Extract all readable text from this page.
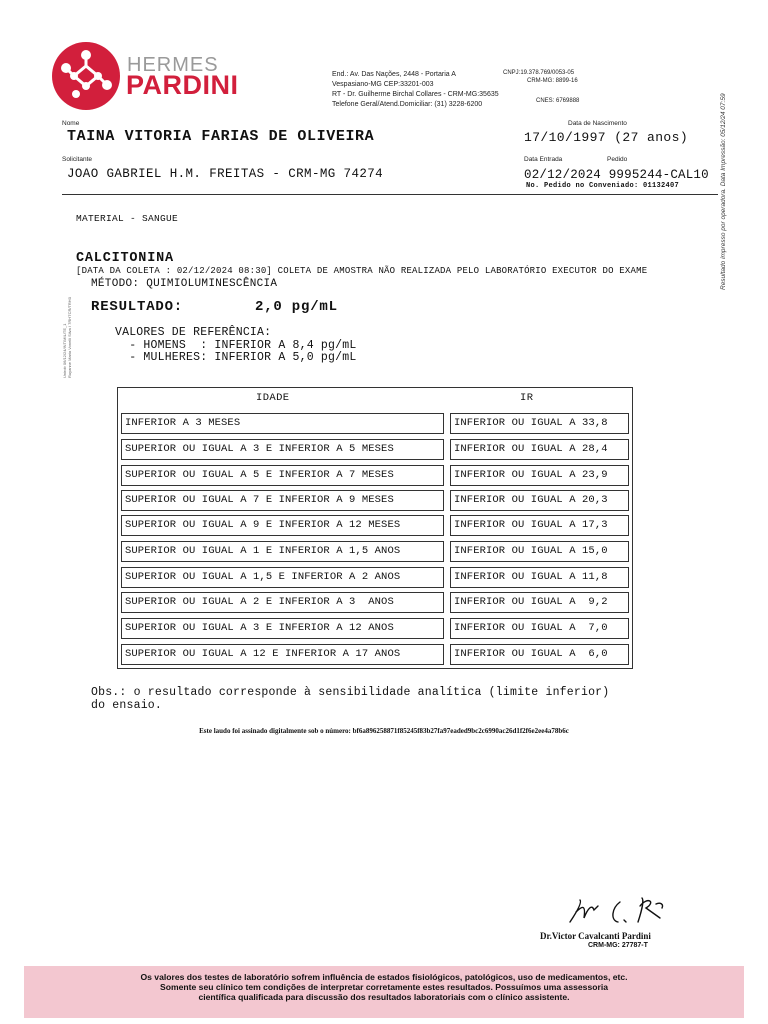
HERMES
PARDINI	End.: Av. Das Nações, 2448 - Portaria A
Vespasiano-MG CEP:33201-003
RT - Dr. Guilherme Birchal Collares - CRM-MG:35635
Telefone Geral/Atend.Domiciliar: (31) 3228-6200
CNPJ:19.378.769/0053-05
CRM-MG: 8899-16
CNES: 6769888	Resultado impresso por operadora. Data Impressão: 05/12/24 07:59
Unirob 06/12/24/INTIMIL/TE_1 Ruyanne Maria Vonelli Silva / 7RHTCR/TRH0
Nome	Data de Nascimento
TAINA VITORIA FARIAS DE OLIVEIRA	17/10/1997 (27 anos)
Solicitante	Data Entrada	Pedido
JOAO GABRIEL H.M. FREITAS - CRM-MG 74274	02/12/2024 9995244-CAL10
No. Pedido no Conveniado: 01132407
MATERIAL - SANGUE
CALCITONINA
[DATA DA COLETA : 02/12/2024 08:30] COLETA DE AMOSTRA NÃO REALIZADA PELO LABORATÓRIO EXECUTOR DO EXAME
MÉTODO: QUIMIOLUMINESCÊNCIA
RESULTADO:	2,0 pg/mL
VALORES DE REFERÊNCIA:
- HOMENS  : INFERIOR A 8,4 pg/mL
- MULHERES: INFERIOR A 5,0 pg/mL
IDADE	IR
INFERIOR A 3 MESES	INFERIOR OU IGUAL A 33,8
SUPERIOR OU IGUAL A 3 E INFERIOR A 5 MESES	INFERIOR OU IGUAL A 28,4
SUPERIOR OU IGUAL A 5 E INFERIOR A 7 MESES	INFERIOR OU IGUAL A 23,9
SUPERIOR OU IGUAL A 7 E INFERIOR A 9 MESES	INFERIOR OU IGUAL A 20,3
SUPERIOR OU IGUAL A 9 E INFERIOR A 12 MESES	INFERIOR OU IGUAL A 17,3
SUPERIOR OU IGUAL A 1 E INFERIOR A 1,5 ANOS	INFERIOR OU IGUAL A 15,0
SUPERIOR OU IGUAL A 1,5 E INFERIOR A 2 ANOS	INFERIOR OU IGUAL A 11,8
SUPERIOR OU IGUAL A 2 E INFERIOR A 3  ANOS	INFERIOR OU IGUAL A  9,2
SUPERIOR OU IGUAL A 3 E INFERIOR A 12 ANOS	INFERIOR OU IGUAL A  7,0
SUPERIOR OU IGUAL A 12 E INFERIOR A 17 ANOS	INFERIOR OU IGUAL A  6,0
Obs.: o resultado corresponde à sensibilidade analítica (limite inferior)
do ensaio.
Este laudo foi assinado digitalmente sob o número: bf6a896258871f85245f83b27fa97eaded9bc2c6990ac26d1f2f6e2ee4a78b6c
Dr.Victor Cavalcanti Pardini
CRM-MG: 27787-T
Os valores dos testes de laboratório sofrem influência de estados fisiológicos, patológicos, uso de medicamentos, etc.
Somente seu clínico tem condições de interpretar corretamente estes resultados. Possuímos uma assessoria
científica qualificada para discussão dos resultados laboratoriais com o clínico assistente.
